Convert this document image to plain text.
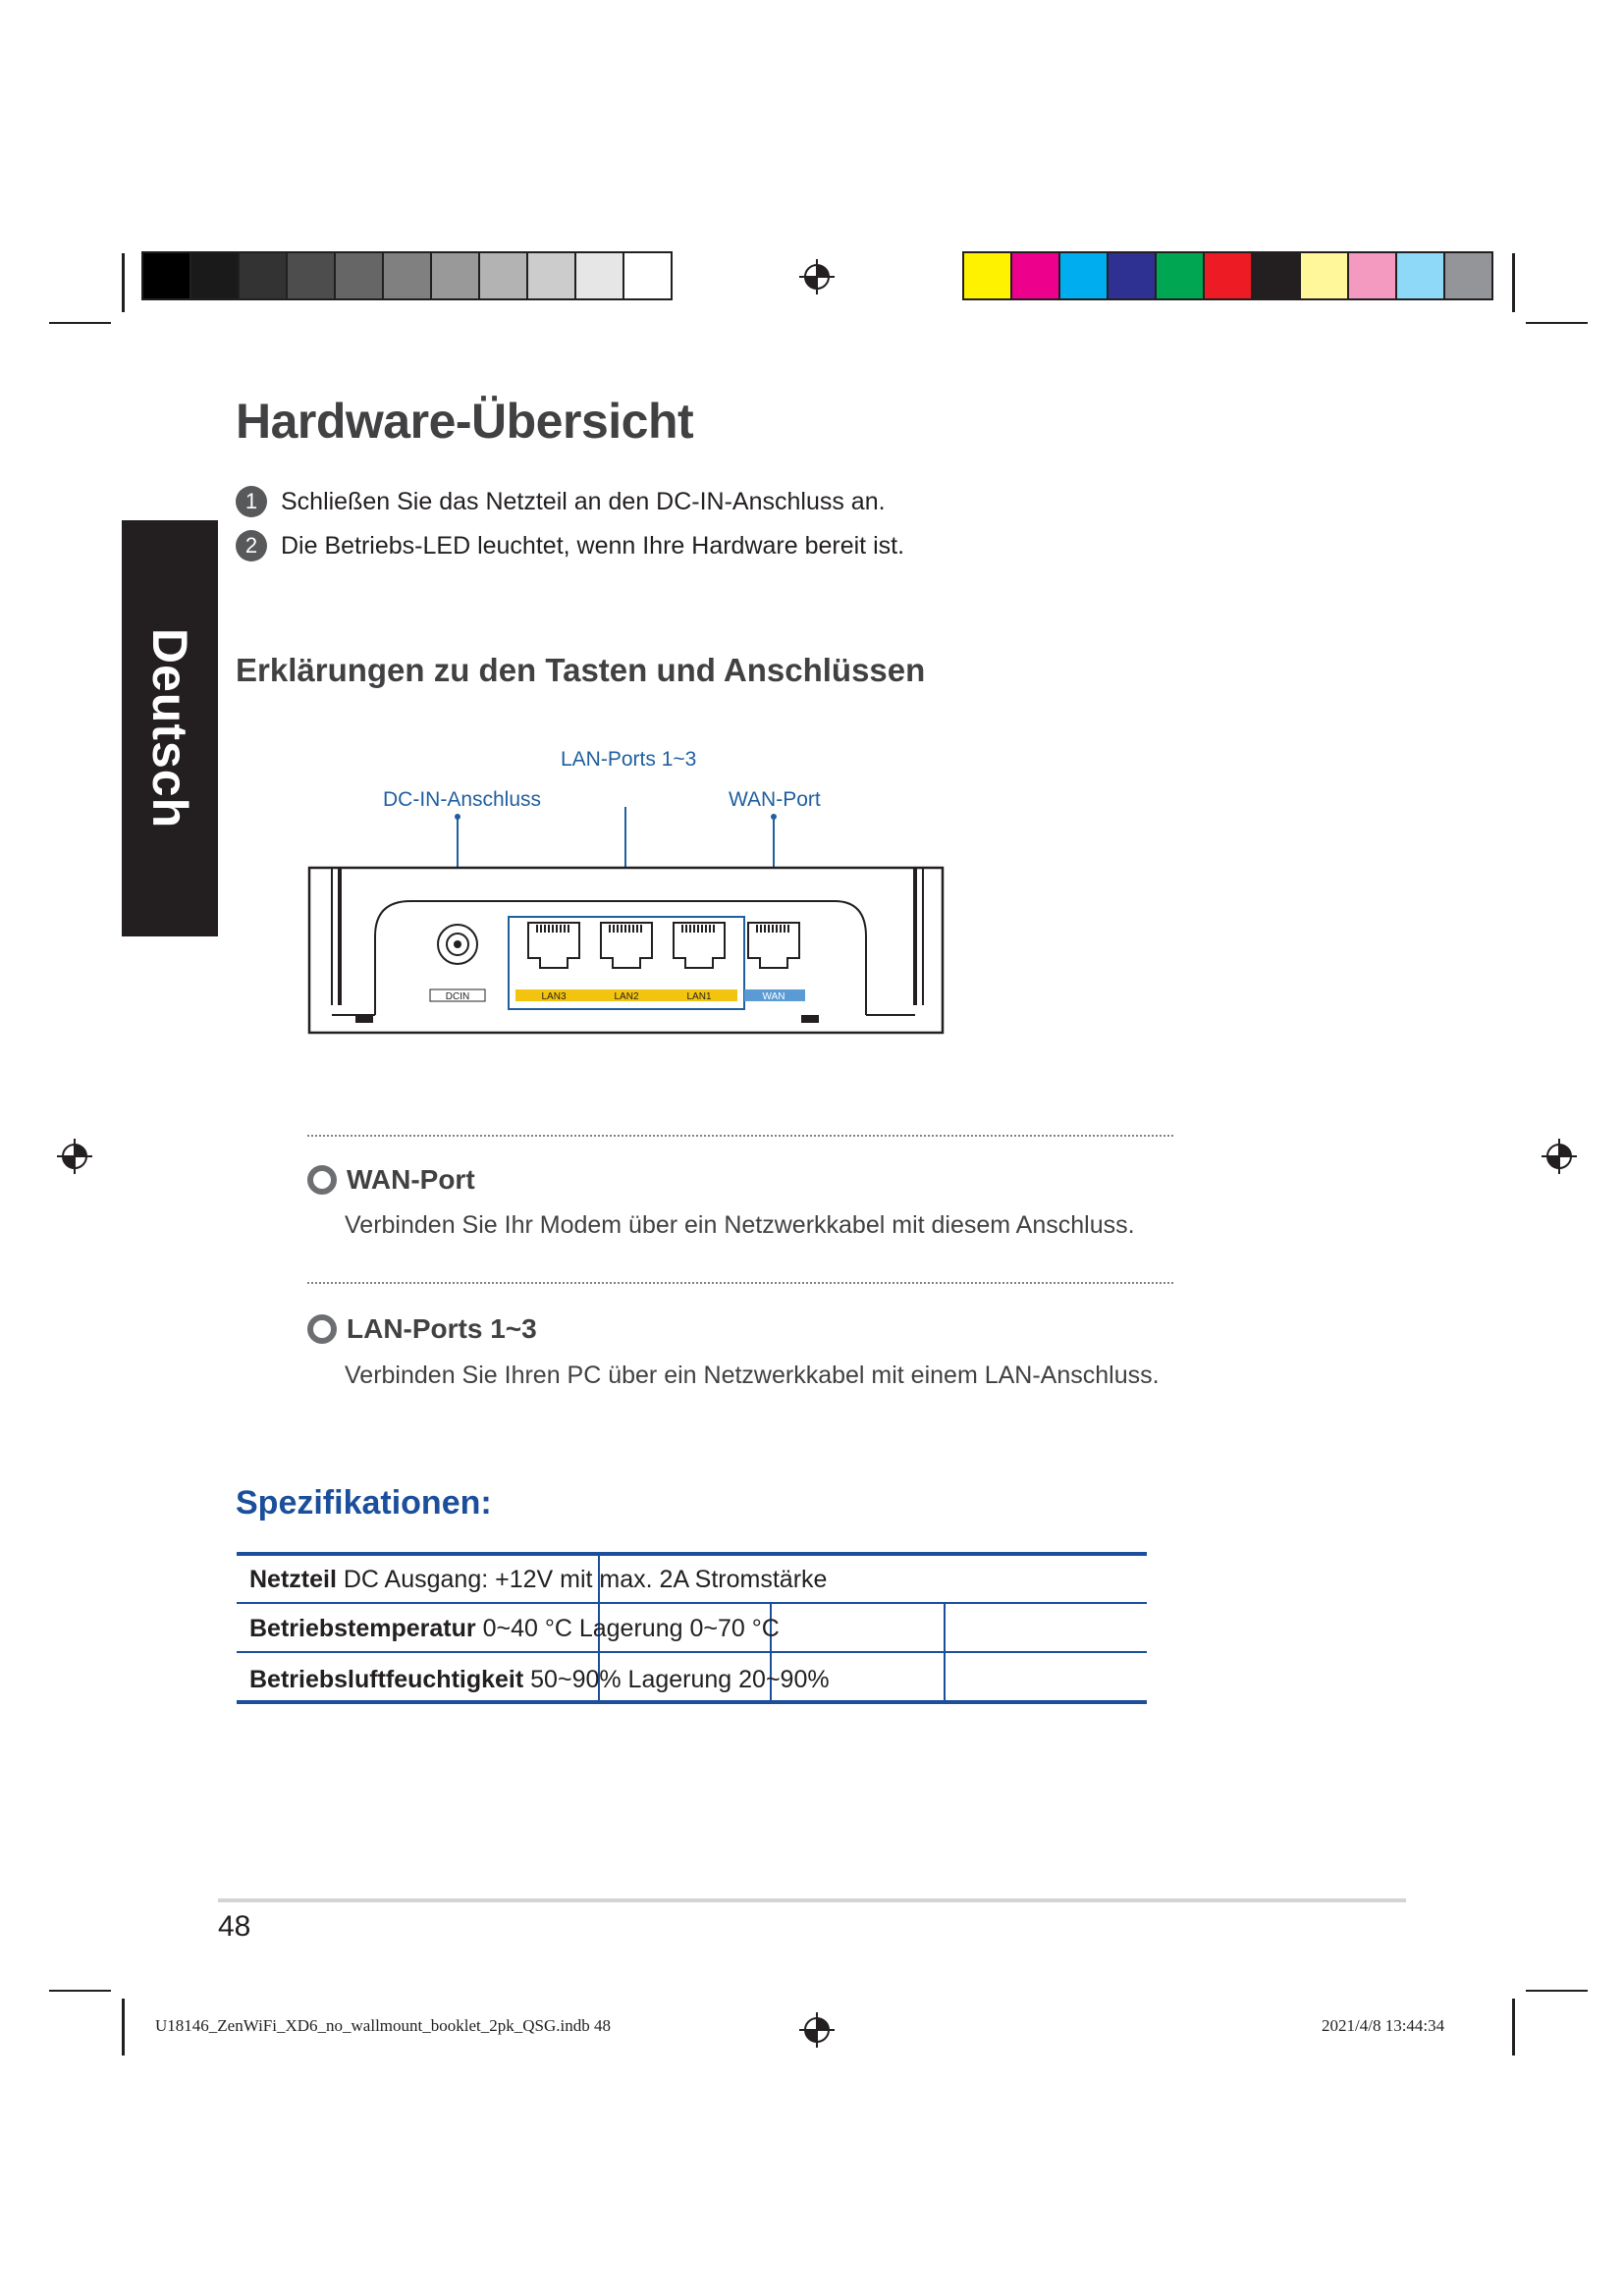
Deutsch
Hardware-Übersicht
1 Schließen Sie das Netzteil an den DC-IN-Anschluss an.
2 Die Betriebs-LED leuchtet, wenn Ihre Hardware bereit ist.
Erklärungen zu den Tasten und Anschlüssen
LAN-Ports 1~3
DC-IN-Anschluss	WAN-Port
DCIN	LAN3	LAN2	LAN1	WAN
WAN-Port
Verbinden Sie Ihr Modem über ein Netzwerkkabel mit diesem Anschluss.
LAN-Ports 1~3
Verbinden Sie Ihren PC über ein Netzwerkkabel mit einem LAN-Anschluss.
Spezifikationen:
Netzteil DC Ausgang: +12V mit max. 2A Stromstärke
Betriebstemperatur 0~40 °C Lagerung 0~70 °C
Betriebsluftfeuchtigkeit 50~90% Lagerung 20~90%
48
U18146_ZenWiFi_XD6_no_wallmount_booklet_2pk_QSG.indb 48	2021/4/8 13:44:34
